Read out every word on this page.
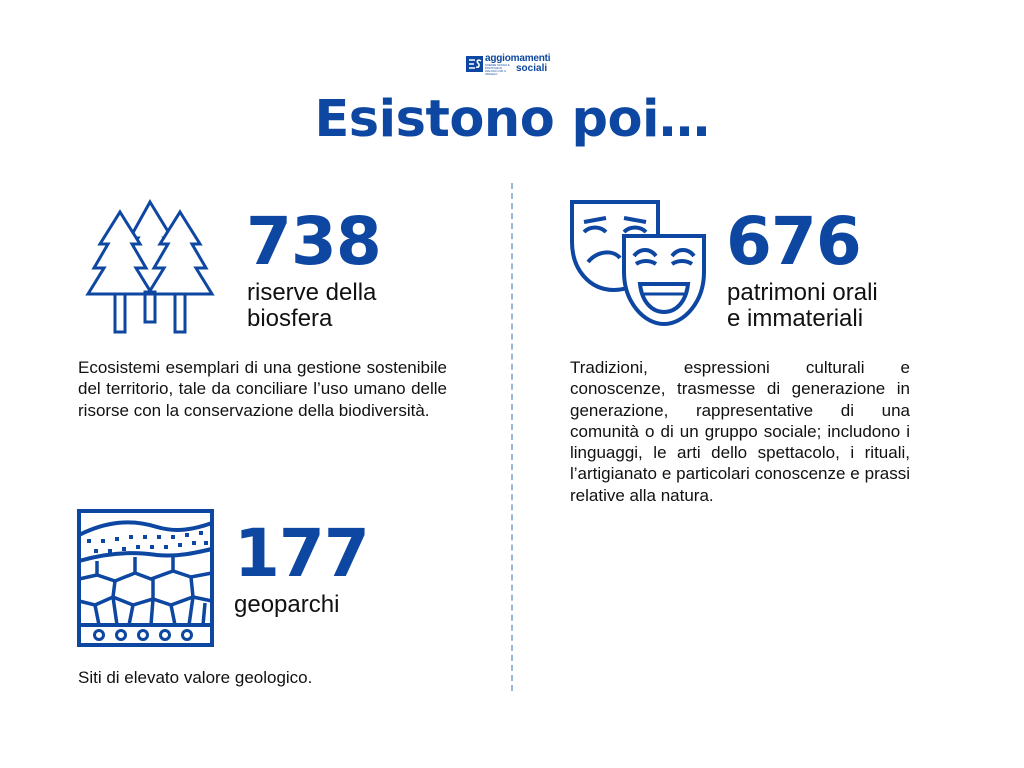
aggiomamenti
SCIENZE SOCIALI E POLITICHE IN DIALOGO CON IL VANGELO
sociali
Esistono poi…
738
riserve della
biosfera
Ecosistemi esemplari di una gestione sostenibile del territorio, tale da conciliare l’uso umano delle risorse con la conservazione della biodiversità.
177
geoparchi
Siti di elevato valore geologico.
676
patrimoni orali
e immateriali
Tradizioni, espressioni culturali e conoscenze, trasmesse di generazione in generazione, rappresentative di una comunità o di un gruppo sociale; includono i linguaggi, le arti dello spettacolo, i rituali, l’artigianato e particolari conoscenze e prassi relative alla natura.
